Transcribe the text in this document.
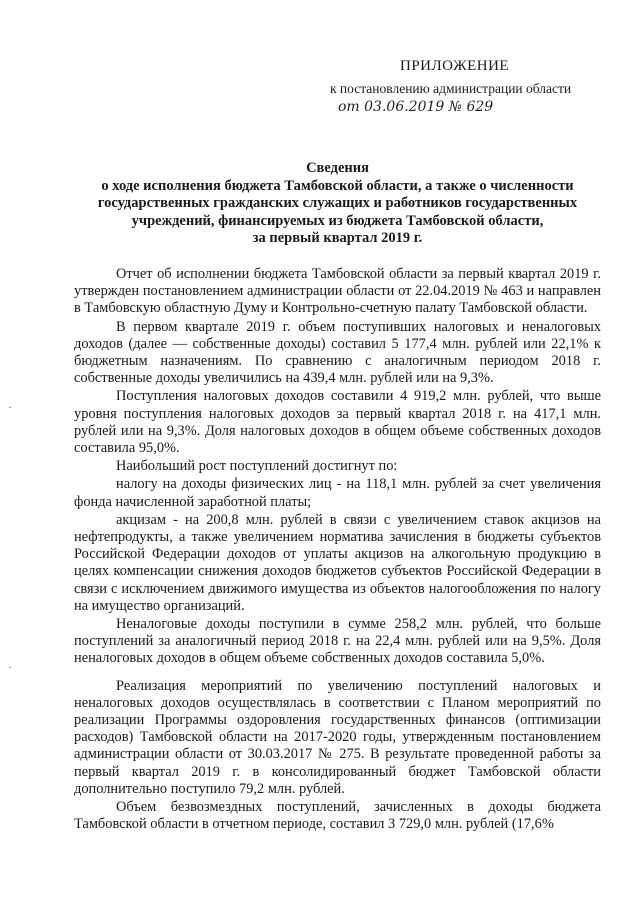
ПРИЛОЖЕНИЕ
к постановлению администрации области
от 03.06.2019 № 629
Сведения
о ходе исполнения бюджета Тамбовской области, а также о численности
государственных гражданских служащих и работников государственных
учреждений, финансируемых из бюджета Тамбовской области,
за первый квартал 2019 г.

Отчет об исполнении бюджета Тамбовской области за первый квартал 2019 г. утвержден постановлением администрации области от 22.04.2019 № 463 и направлен в Тамбовскую областную Думу и Контрольно-счетную палату Тамбовской области.

В первом квартале 2019 г. объем поступивших налоговых и неналоговых доходов (далее — собственные доходы) составил 5 177,4 млн. рублей или 22,1% к бюджетным назначениям. По сравнению с аналогичным периодом 2018 г. собственные доходы увеличились на 439,4 млн. рублей или на 9,3%.

Поступления налоговых доходов составили 4 919,2 млн. рублей, что выше уровня поступления налоговых доходов за первый квартал 2018 г. на 417,1 млн. рублей или на 9,3%. Доля налоговых доходов в общем объеме собственных доходов составила 95,0%.

Наибольший рост поступлений достигнут по:

налогу на доходы физических лиц - на 118,1 млн. рублей за счет увеличения фонда начисленной заработной платы;

акцизам - на 200,8 млн. рублей в связи с увеличением ставок акцизов на нефтепродукты, а также увеличением норматива зачисления в бюджеты субъектов Российской Федерации доходов от уплаты акцизов на алкогольную продукцию в целях компенсации снижения доходов бюджетов субъектов Российской Федерации в связи с исключением движимого имущества из объектов налогообложения по налогу на имущество организаций.

Неналоговые доходы поступили в сумме 258,2 млн. рублей, что больше поступлений за аналогичный период 2018 г. на 22,4 млн. рублей или на 9,5%. Доля неналоговых доходов в общем объеме собственных доходов составила 5,0%.

Реализация мероприятий по увеличению поступлений налоговых и неналоговых доходов осуществлялась в соответствии с Планом мероприятий по реализации Программы оздоровления государственных финансов (оптимизации расходов) Тамбовской области на 2017-2020 годы, утвержденным постановлением администрации области от 30.03.2017 № 275. В результате проведенной работы за первый квартал 2019 г. в консолидированный бюджет Тамбовской области дополнительно поступило 79,2 млн. рублей.

Объем безвозмездных поступлений, зачисленных в доходы бюджета Тамбовской области в отчетном периоде, составил 3 729,0 млн. рублей (17,6%

·
·
